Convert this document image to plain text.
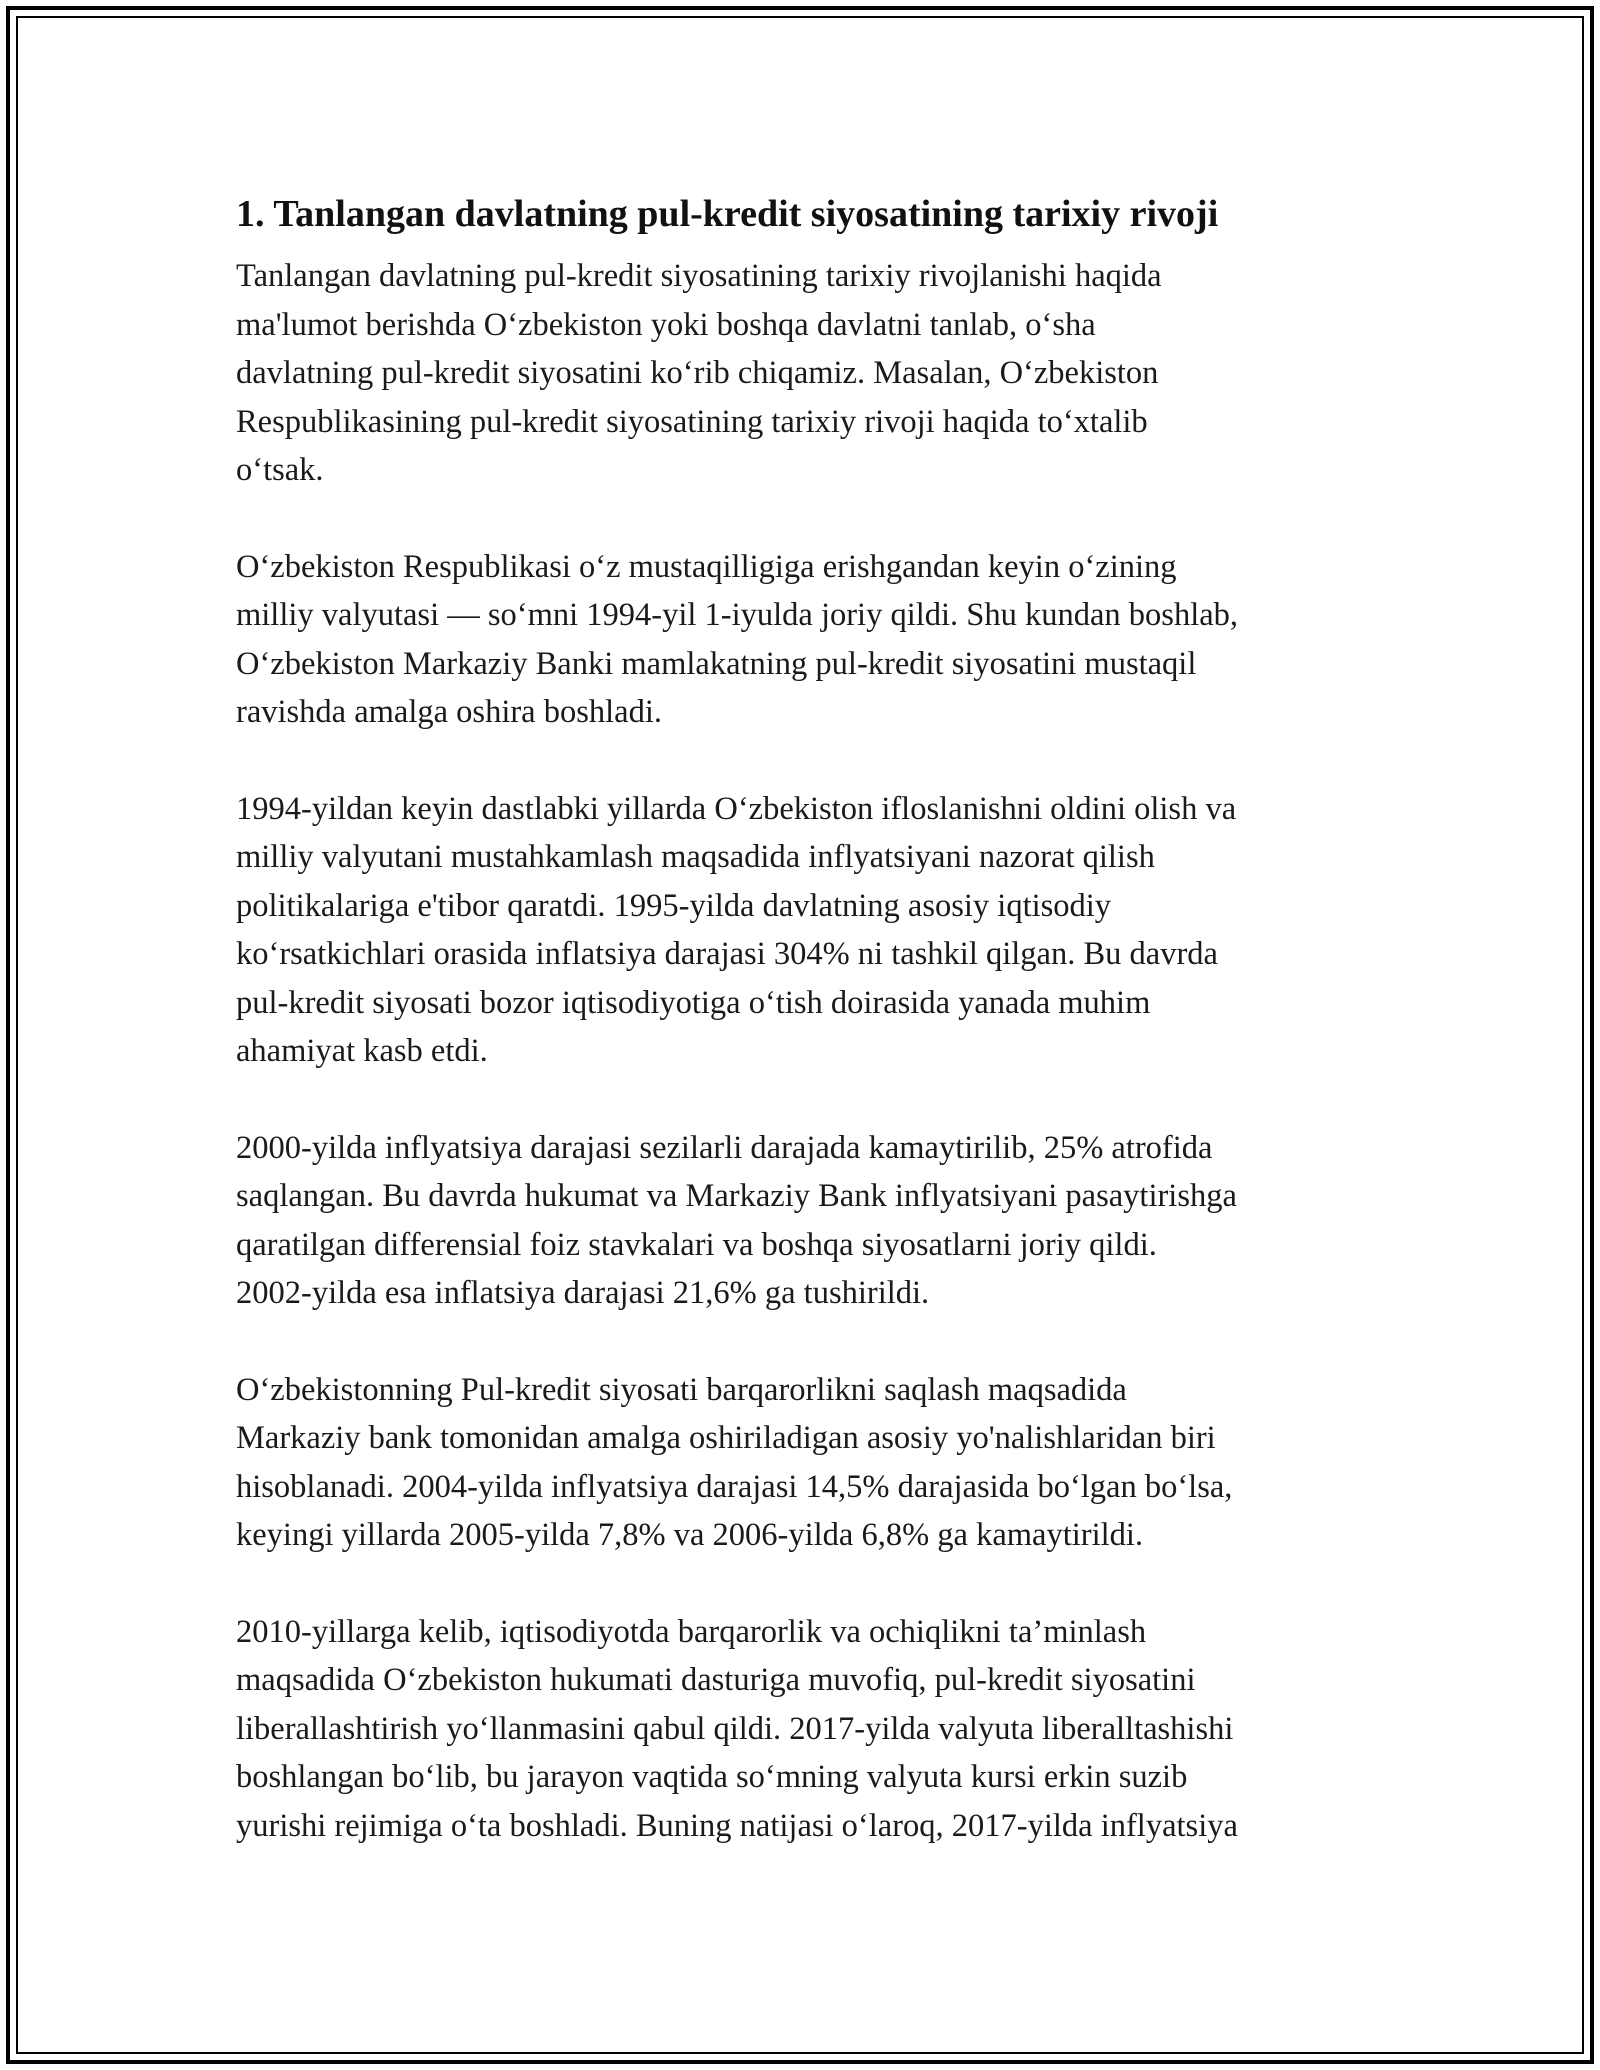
1. Tanlangan davlatning pul-kredit siyosatining tarixiy rivoji

Tanlangan davlatning pul-kredit siyosatining tarixiy rivojlanishi haqida
ma'lumot berishda O‘zbekiston yoki boshqa davlatni tanlab, o‘sha
davlatning pul-kredit siyosatini ko‘rib chiqamiz. Masalan, O‘zbekiston
Respublikasining pul-kredit siyosatining tarixiy rivoji haqida to‘xtalib
o‘tsak.

O‘zbekiston Respublikasi o‘z mustaqilligiga erishgandan keyin o‘zining
milliy valyutasi — so‘mni 1994-yil 1-iyulda joriy qildi. Shu kundan boshlab,
O‘zbekiston Markaziy Banki mamlakatning pul-kredit siyosatini mustaqil
ravishda amalga oshira boshladi.

1994-yildan keyin dastlabki yillarda O‘zbekiston ifloslanishni oldini olish va
milliy valyutani mustahkamlash maqsadida inflyatsiyani nazorat qilish
politikalariga e'tibor qaratdi. 1995-yilda davlatning asosiy iqtisodiy
ko‘rsatkichlari orasida inflatsiya darajasi 304% ni tashkil qilgan. Bu davrda
pul-kredit siyosati bozor iqtisodiyotiga o‘tish doirasida yanada muhim
ahamiyat kasb etdi.

2000-yilda inflyatsiya darajasi sezilarli darajada kamaytirilib, 25% atrofida
saqlangan. Bu davrda hukumat va Markaziy Bank inflyatsiyani pasaytirishga
qaratilgan differensial foiz stavkalari va boshqa siyosatlarni joriy qildi.
2002-yilda esa inflatsiya darajasi 21,6% ga tushirildi.

O‘zbekistonning Pul-kredit siyosati barqarorlikni saqlash maqsadida
Markaziy bank tomonidan amalga oshiriladigan asosiy yo'nalishlaridan biri
hisoblanadi. 2004-yilda inflyatsiya darajasi 14,5% darajasida bo‘lgan bo‘lsa,
keyingi yillarda 2005-yilda 7,8% va 2006-yilda 6,8% ga kamaytirildi.

2010-yillarga kelib, iqtisodiyotda barqarorlik va ochiqlikni ta’minlash
maqsadida O‘zbekiston hukumati dasturiga muvofiq, pul-kredit siyosatini
liberallashtirish yo‘llanmasini qabul qildi. 2017-yilda valyuta liberalltashishi
boshlangan bo‘lib, bu jarayon vaqtida so‘mning valyuta kursi erkin suzib
yurishi rejimiga o‘ta boshladi. Buning natijasi o‘laroq, 2017-yilda inflyatsiya
